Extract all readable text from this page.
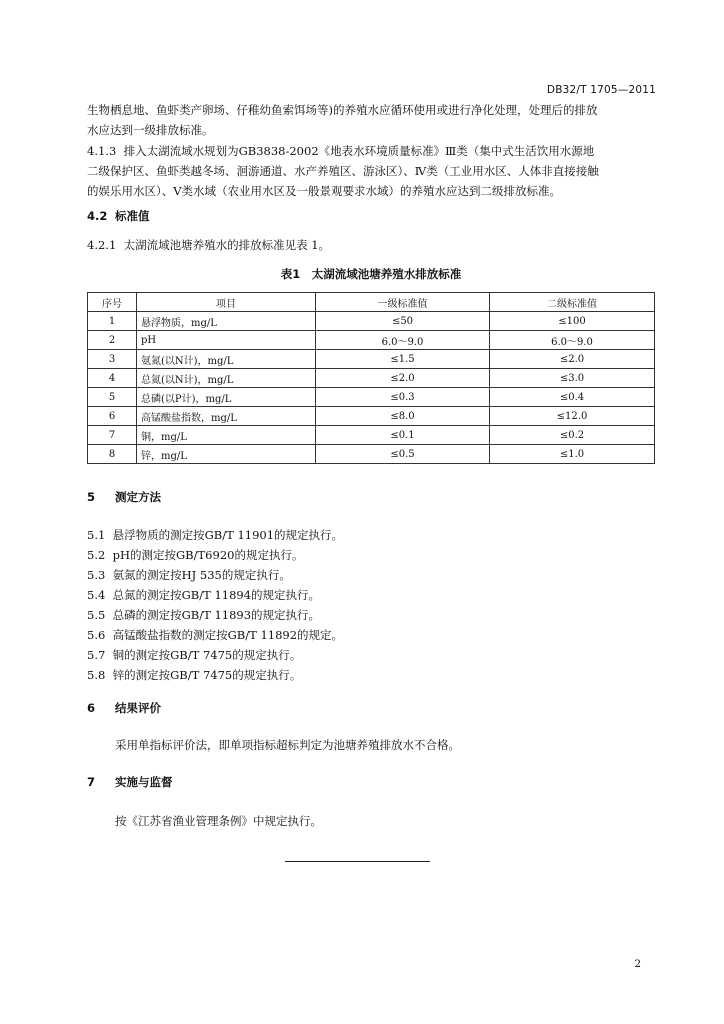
DB32/T 1705—2011

生物栖息地、鱼虾类产卵场、仔稚幼鱼索饵场等)的养殖水应循环使用或进行净化处理，处理后的排放

水应达到一级排放标准。

4.1.3 排入太湖流域水规划为GB3838-2002《地表水环境质量标准》Ⅲ类（集中式生活饮用水源地

二级保护区、鱼虾类越冬场、洄游通道、水产养殖区、游泳区）、Ⅳ类（工业用水区、人体非直接接触

的娱乐用水区）、Ⅴ类水域（农业用水区及一般景观要求水域）的养殖水应达到二级排放标准。

4.2 标准值
4.2.1 太湖流域池塘养殖水的排放标准见表 1。
表1　太湖流域池塘养殖水排放标准
序号	项目	一级标准值	二级标准值
1	悬浮物质，mg/L	≤50	≤100
2	pH	6.0～9.0	6.0～9.0
3	氨氮(以N计)，mg/L	≤1.5	≤2.0
4	总氮(以N计)，mg/L	≤2.0	≤3.0
5	总磷(以P计)，mg/L	≤0.3	≤0.4
6	高锰酸盐指数，mg/L	≤8.0	≤12.0
7	铜，mg/L	≤0.1	≤0.2
8	锌，mg/L	≤0.5	≤1.0
5 测定方法

5.1 悬浮物质的测定按GB/T 11901的规定执行。

5.2 pH的测定按GB/T6920的规定执行。

5.3 氨氮的测定按HJ 535的规定执行。

5.4 总氮的测定按GB/T 11894的规定执行。

5.5 总磷的测定按GB/T 11893的规定执行。

5.6 高锰酸盐指数的测定按GB/T 11892的规定。

5.7 铜的测定按GB/T 7475的规定执行。

5.8 锌的测定按GB/T 7475的规定执行。

6 结果评价
采用单指标评价法，即单项指标超标判定为池塘养殖排放水不合格。
7 实施与监督
按《江苏省渔业管理条例》中规定执行。
2
